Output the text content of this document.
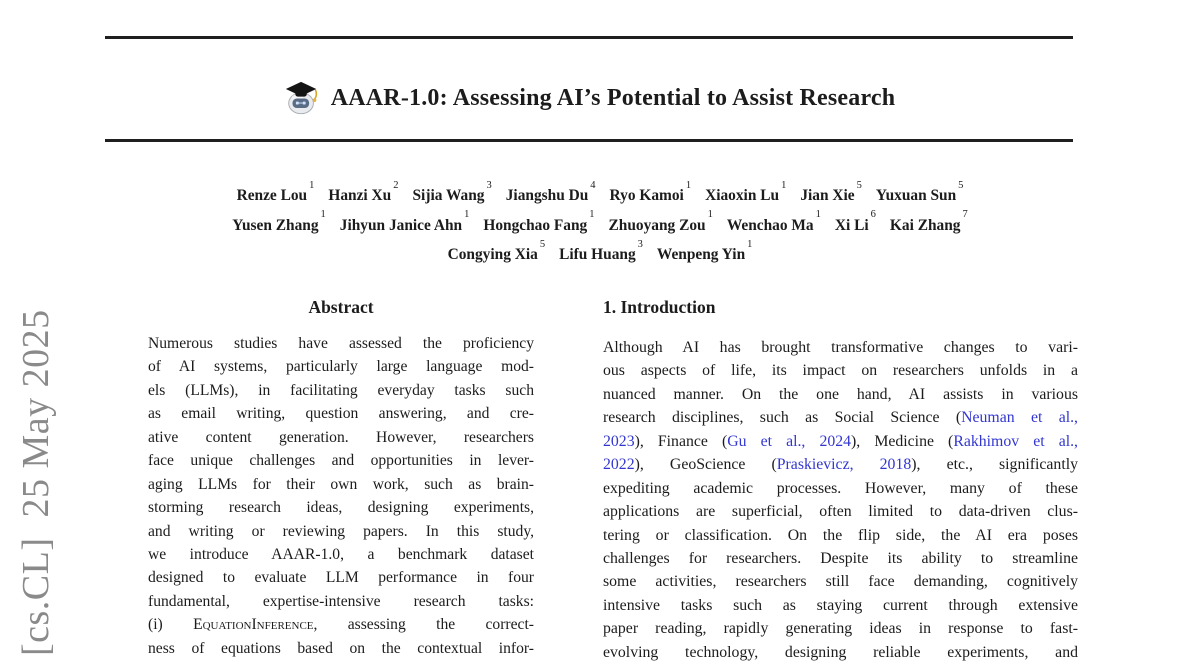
[cs.CL]  25 May 2025
AAAR-1.0: Assessing AI’s Potential to Assist Research
Renze Lou$^1$Hanzi Xu$^2$Sijia Wang$^3$Jiangshu Du$^4$Ryo Kamoi$^1$Xiaoxin Lu$^1$Jian Xie$^5$Yuxuan Sun$^5$
Yusen Zhang$^1$Jihyun Janice Ahn$^1$Hongchao Fang$^1$Zhuoyang Zou$^1$Wenchao Ma$^1$Xi Li$^6$Kai Zhang$^7$
Congying Xia$^5$Lifu Huang$^3$Wenpeng Yin$^1$
Abstract
Numerous studies have assessed the proficiency
of AI systems, particularly large language mod-
els (LLMs), in facilitating everyday tasks such
as email writing, question answering, and cre-
ative content generation. However, researchers
face unique challenges and opportunities in lever-
aging LLMs for their own work, such as brain-
storming research ideas, designing experiments,
and writing or reviewing papers. In this study,
we introduce AAAR-1.0, a benchmark dataset
designed to evaluate LLM performance in four
fundamental, expertise-intensive research tasks:
(i) EquationInference, assessing the correct-
ness of equations based on the contextual infor-
1. Introduction
Although AI has brought transformative changes to vari-
ous aspects of life, its impact on researchers unfolds in a
nuanced manner. On the one hand, AI assists in various
research disciplines, such as Social Science (Neuman et al.,
2023), Finance (Gu et al., 2024), Medicine (Rakhimov et al.,
2022), GeoScience (Praskievicz, 2018), etc., significantly
expediting academic processes. However, many of these
applications are superficial, often limited to data-driven clus-
tering or classification. On the flip side, the AI era poses
challenges for researchers. Despite its ability to streamline
some activities, researchers still face demanding, cognitively
intensive tasks such as staying current through extensive
paper reading, rapidly generating ideas in response to fast-
evolving technology, designing reliable experiments, and
